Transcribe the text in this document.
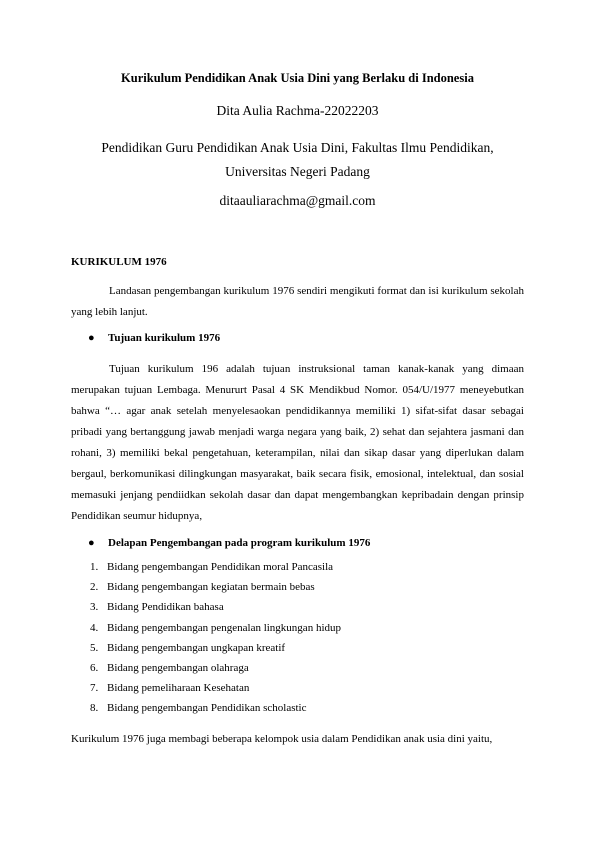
Kurikulum Pendidikan Anak Usia Dini yang Berlaku di Indonesia
Dita Aulia Rachma-22022203
Pendidikan Guru Pendidikan Anak Usia Dini, Fakultas Ilmu Pendidikan,
Universitas Negeri Padang
ditaauliarachma@gmail.com
KURIKULUM 1976
Landasan pengembangan kurikulum 1976 sendiri mengikuti format dan isi kurikulum sekolah yang lebih lanjut.
● Tujuan kurikulum 1976
Tujuan kurikulum 196 adalah tujuan instruksional taman kanak-kanak yang dimaan merupakan tujuan Lembaga. Menururt Pasal 4 SK Mendikbud Nomor. 054/U/1977 meneyebutkan bahwa “… agar anak setelah menyelesaokan pendidikannya memiliki 1) sifat-sifat dasar sebagai pribadi yang bertanggung jawab menjadi warga negara yang baik, 2) sehat dan sejahtera jasmani dan rohani, 3) memiliki bekal pengetahuan, keterampilan, nilai dan sikap dasar yang diperlukan dalam bergaul, berkomunikasi dilingkungan masyarakat, baik secara fisik, emosional, intelektual, dan sosial memasuki jenjang pendiidkan sekolah dasar dan dapat mengembangkan kepribadain dengan prinsip Pendidikan seumur hidupnya,
● Delapan Pengembangan pada program kurikulum 1976
1. Bidang pengembangan Pendidikan moral Pancasila
2. Bidang pengembangan kegiatan bermain bebas
3. Bidang Pendidikan bahasa
4. Bidang pengembangan pengenalan lingkungan hidup
5. Bidang pengembangan ungkapan kreatif
6. Bidang pengembangan olahraga
7. Bidang pemeliharaan Kesehatan
8. Bidang pengembangan Pendidikan scholastic
Kurikulum 1976 juga membagi beberapa kelompok usia dalam Pendidikan anak usia dini yaitu,
